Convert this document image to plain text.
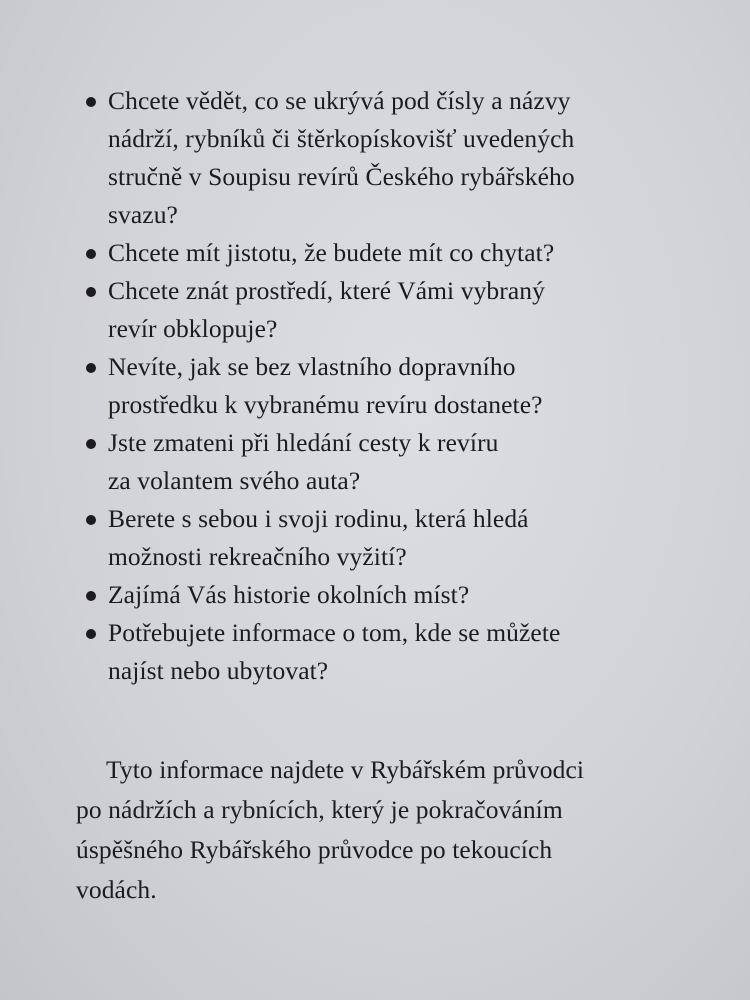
Chcete vědět, co se ukrývá pod čísly a názvy
nádrží, rybníků či štěrkopískovišť uvedených
stručně v Soupisu revírů Českého rybářského
svazu?
Chcete mít jistotu, že budete mít co chytat?
Chcete znát prostředí, které Vámi vybraný
revír obklopuje?
Nevíte, jak se bez vlastního dopravního
prostředku k vybranému revíru dostanete?
Jste zmateni při hledání cesty k revíru
za volantem svého auta?
Berete s sebou i svoji rodinu, která hledá
možnosti rekreačního vyžití?
Zajímá Vás historie okolních míst?
Potřebujete informace o tom, kde se můžete
najíst nebo ubytovat?

Tyto informace najdete v Rybářském průvodci
po nádržích a rybnících, který je pokračováním
úspěšného Rybářského průvodce po tekoucích
vodách.
